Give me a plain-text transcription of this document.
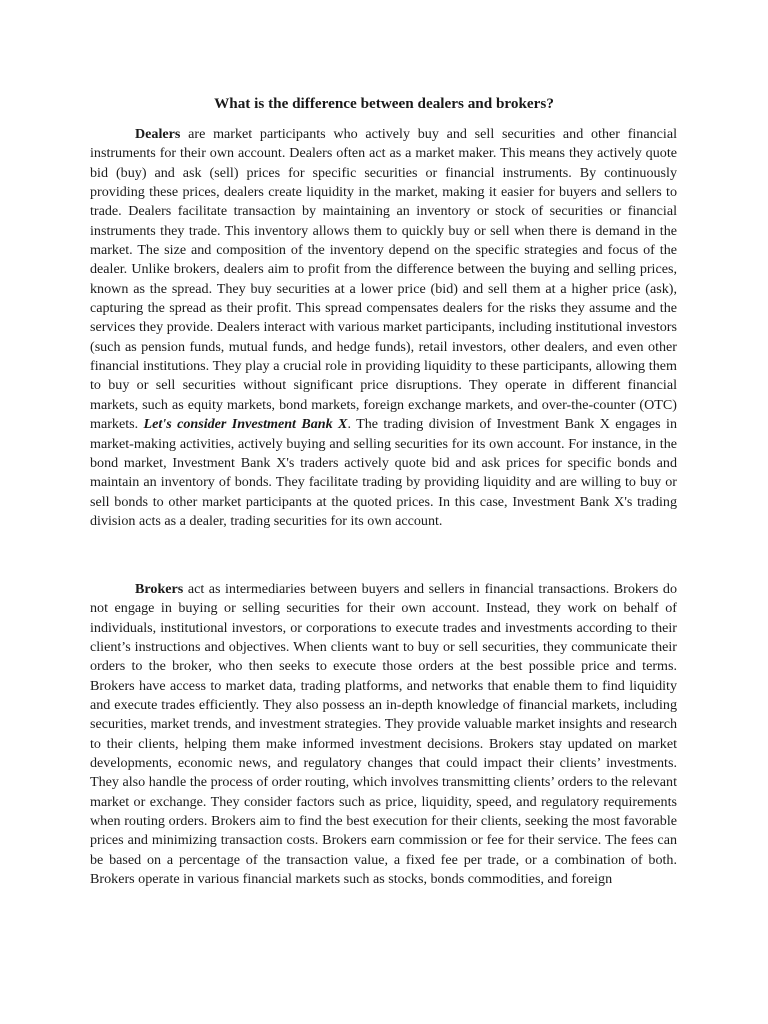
What is the difference between dealers and brokers?

Dealers are market participants who actively buy and sell securities and other financial instruments for their own account. Dealers often act as a market maker. This means they actively quote bid (buy) and ask (sell) prices for specific securities or financial instruments. By continuously providing these prices, dealers create liquidity in the market, making it easier for buyers and sellers to trade. Dealers facilitate transaction by maintaining an inventory or stock of securities or financial instruments they trade. This inventory allows them to quickly buy or sell when there is demand in the market. The size and composition of the inventory depend on the specific strategies and focus of the dealer. Unlike brokers, dealers aim to profit from the difference between the buying and selling prices, known as the spread. They buy securities at a lower price (bid) and sell them at a higher price (ask), capturing the spread as their profit. This spread compensates dealers for the risks they assume and the services they provide. Dealers interact with various market participants, including institutional investors (such as pension funds, mutual funds, and hedge funds), retail investors, other dealers, and even other financial institutions. They play a crucial role in providing liquidity to these participants, allowing them to buy or sell securities without significant price disruptions. They operate in different financial markets, such as equity markets, bond markets, foreign exchange markets, and over-the-counter (OTC) markets. Let's consider Investment Bank X. The trading division of Investment Bank X engages in market-making activities, actively buying and selling securities for its own account. For instance, in the bond market, Investment Bank X's traders actively quote bid and ask prices for specific bonds and maintain an inventory of bonds. They facilitate trading by providing liquidity and are willing to buy or sell bonds to other market participants at the quoted prices. In this case, Investment Bank X's trading division acts as a dealer, trading securities for its own account.

Brokers act as intermediaries between buyers and sellers in financial transactions. Brokers do not engage in buying or selling securities for their own account. Instead, they work on behalf of individuals, institutional investors, or corporations to execute trades and investments according to their client’s instructions and objectives. When clients want to buy or sell securities, they communicate their orders to the broker, who then seeks to execute those orders at the best possible price and terms. Brokers have access to market data, trading platforms, and networks that enable them to find liquidity and execute trades efficiently. They also possess an in-depth knowledge of financial markets, including securities, market trends, and investment strategies. They provide valuable market insights and research to their clients, helping them make informed investment decisions. Brokers stay updated on market developments, economic news, and regulatory changes that could impact their clients’ investments. They also handle the process of order routing, which involves transmitting clients’ orders to the relevant market or exchange. They consider factors such as price, liquidity, speed, and regulatory requirements when routing orders. Brokers aim to find the best execution for their clients, seeking the most favorable prices and minimizing transaction costs. Brokers earn commission or fee for their service. The fees can be based on a percentage of the transaction value, a fixed fee per trade, or a combination of both. Brokers operate in various financial markets such as stocks, bonds commodities, and foreign
